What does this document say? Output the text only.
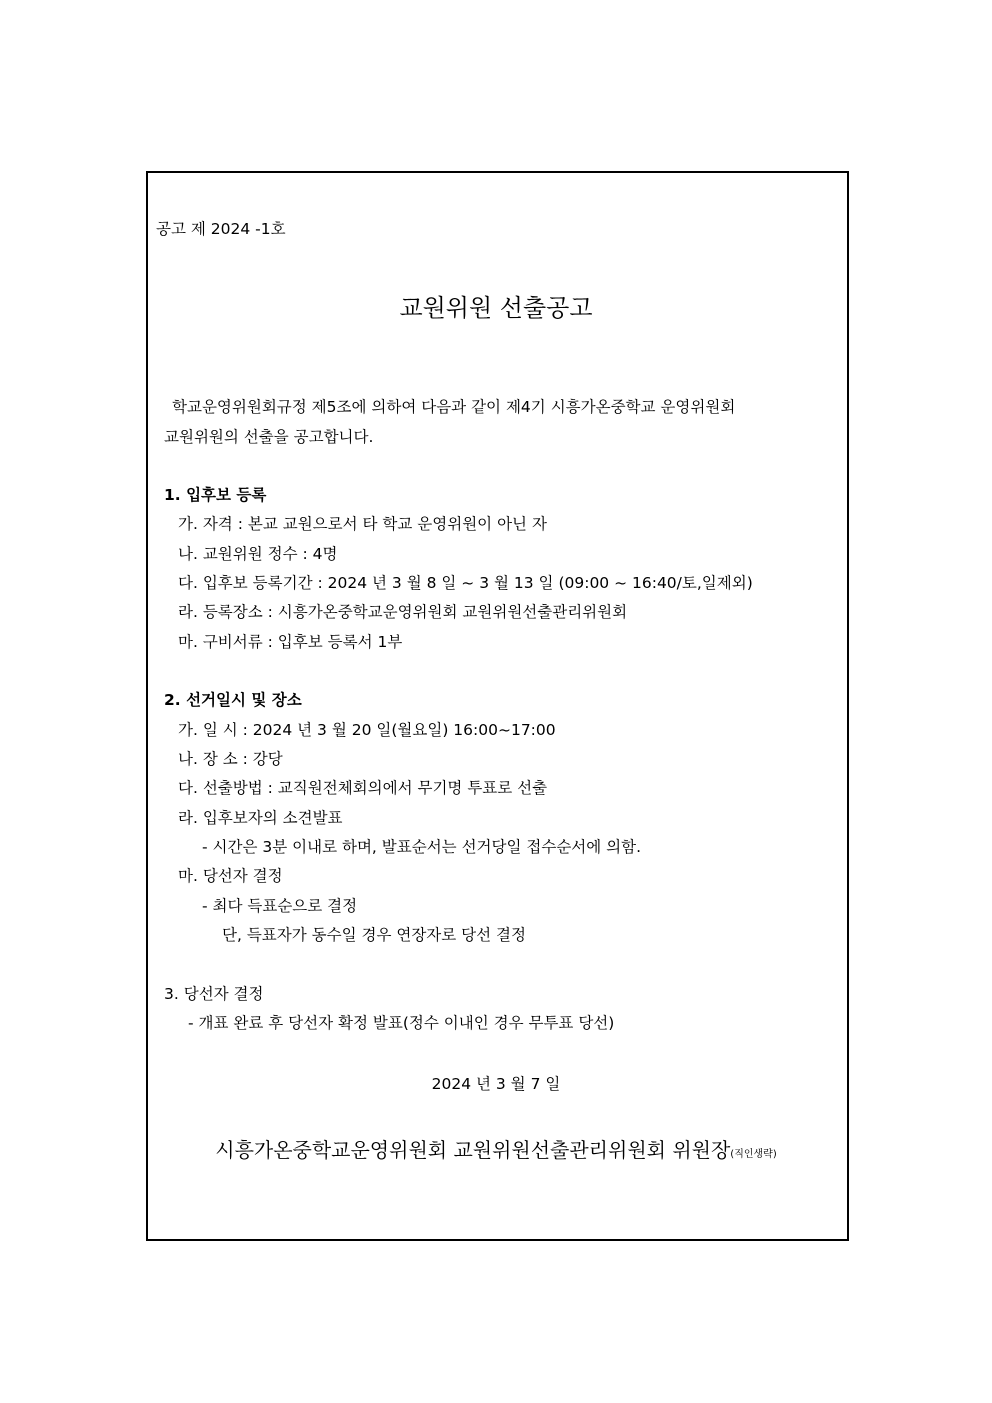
공고 제 2024 -1호
교원위원 선출공고
학교운영위원회규정 제5조에 의하여 다음과 같이 제4기 시흥가온중학교 운영위원회
교원위원의 선출을 공고합니다.
1. 입후보 등록
가. 자격 : 본교 교원으로서 타 학교 운영위원이 아닌 자
나. 교원위원 정수 : 4명
다. 입후보 등록기간 : 2024 년 3 월 8 일 ~ 3 월 13 일 (09:00 ~ 16:40/토,일제외)
라. 등록장소 : 시흥가온중학교운영위원회 교원위원선출관리위원회
마. 구비서류 : 입후보 등록서 1부
2. 선거일시 및 장소
가. 일 시 : 2024 년 3 월 20 일(월요일) 16:00~17:00
나. 장 소 : 강당
다. 선출방법 : 교직원전체회의에서 무기명 투표로 선출
라. 입후보자의 소견발표
- 시간은 3분 이내로 하며, 발표순서는 선거당일 접수순서에 의함.
마. 당선자 결정
- 최다 득표순으로 결정
단, 득표자가 동수일 경우 연장자로 당선 결정
3. 당선자 결정
- 개표 완료 후 당선자 확정 발표(정수 이내인 경우 무투표 당선)
2024 년 3 월 7 일
시흥가온중학교운영위원회 교원위원선출관리위원회 위원장(직인생략)
